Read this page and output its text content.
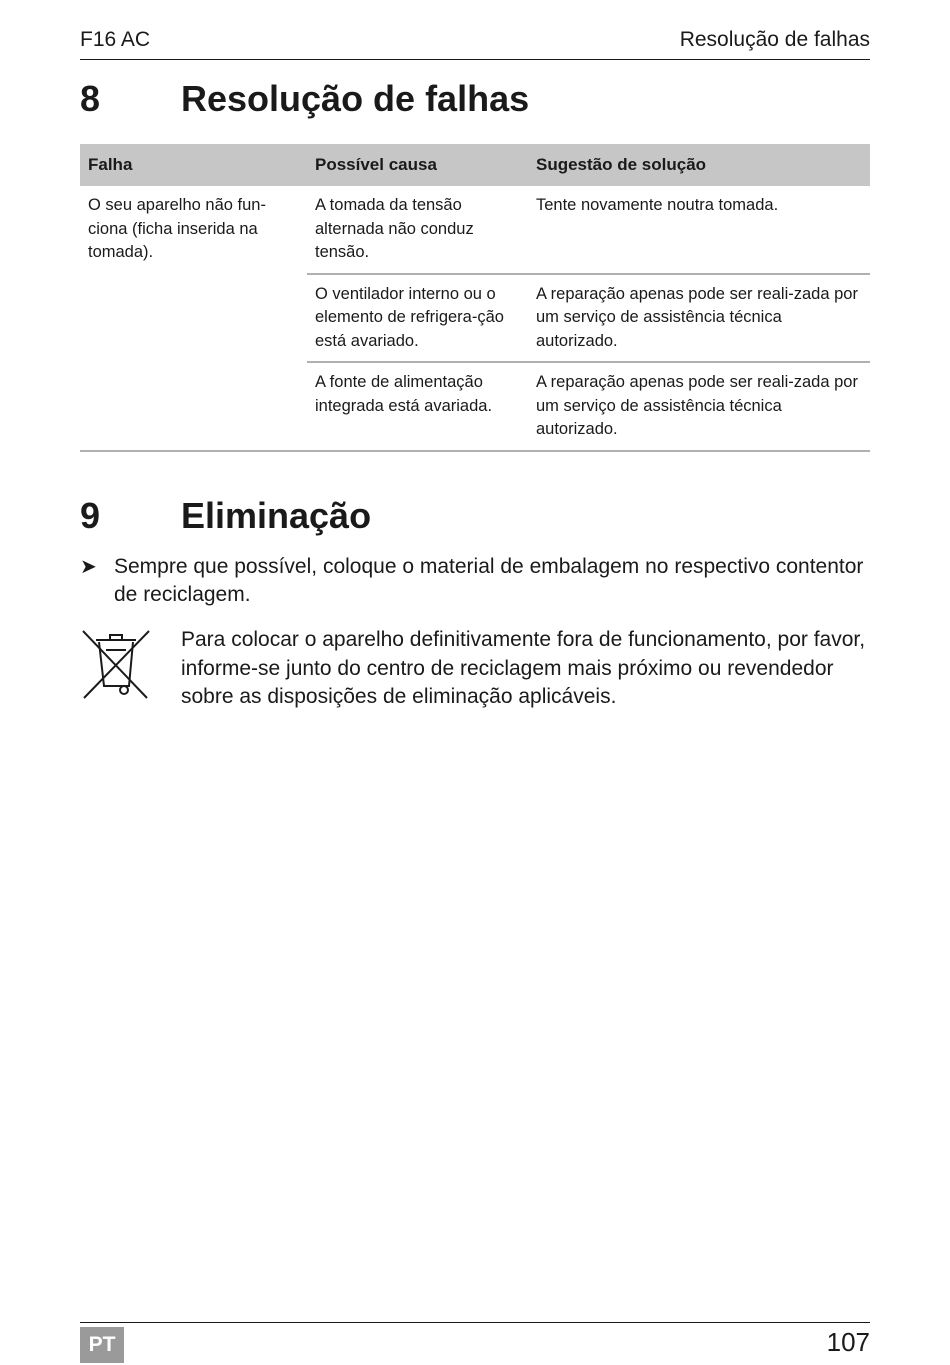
F16 AC	Resolução de falhas
8 Resolução de falhas
Falha	Possível causa	Sugestão de solução
O seu aparelho não fun-ciona (ficha inserida na tomada).	A tomada da tensão alternada não conduz tensão.	Tente novamente noutra tomada.
	O ventilador interno ou o elemento de refrigera-ção está avariado.	A reparação apenas pode ser reali-zada por um serviço de assistência técnica autorizado.
	A fonte de alimentação integrada está avariada.	A reparação apenas pode ser reali-zada por um serviço de assistência técnica autorizado.
9 Eliminação
➤ Sempre que possível, coloque o material de embalagem no respectivo contentor de reciclagem.
Para colocar o aparelho definitivamente fora de funcionamento, por favor, informe-se junto do centro de reciclagem mais próximo ou revendedor sobre as disposições de eliminação aplicáveis.
PT	107
